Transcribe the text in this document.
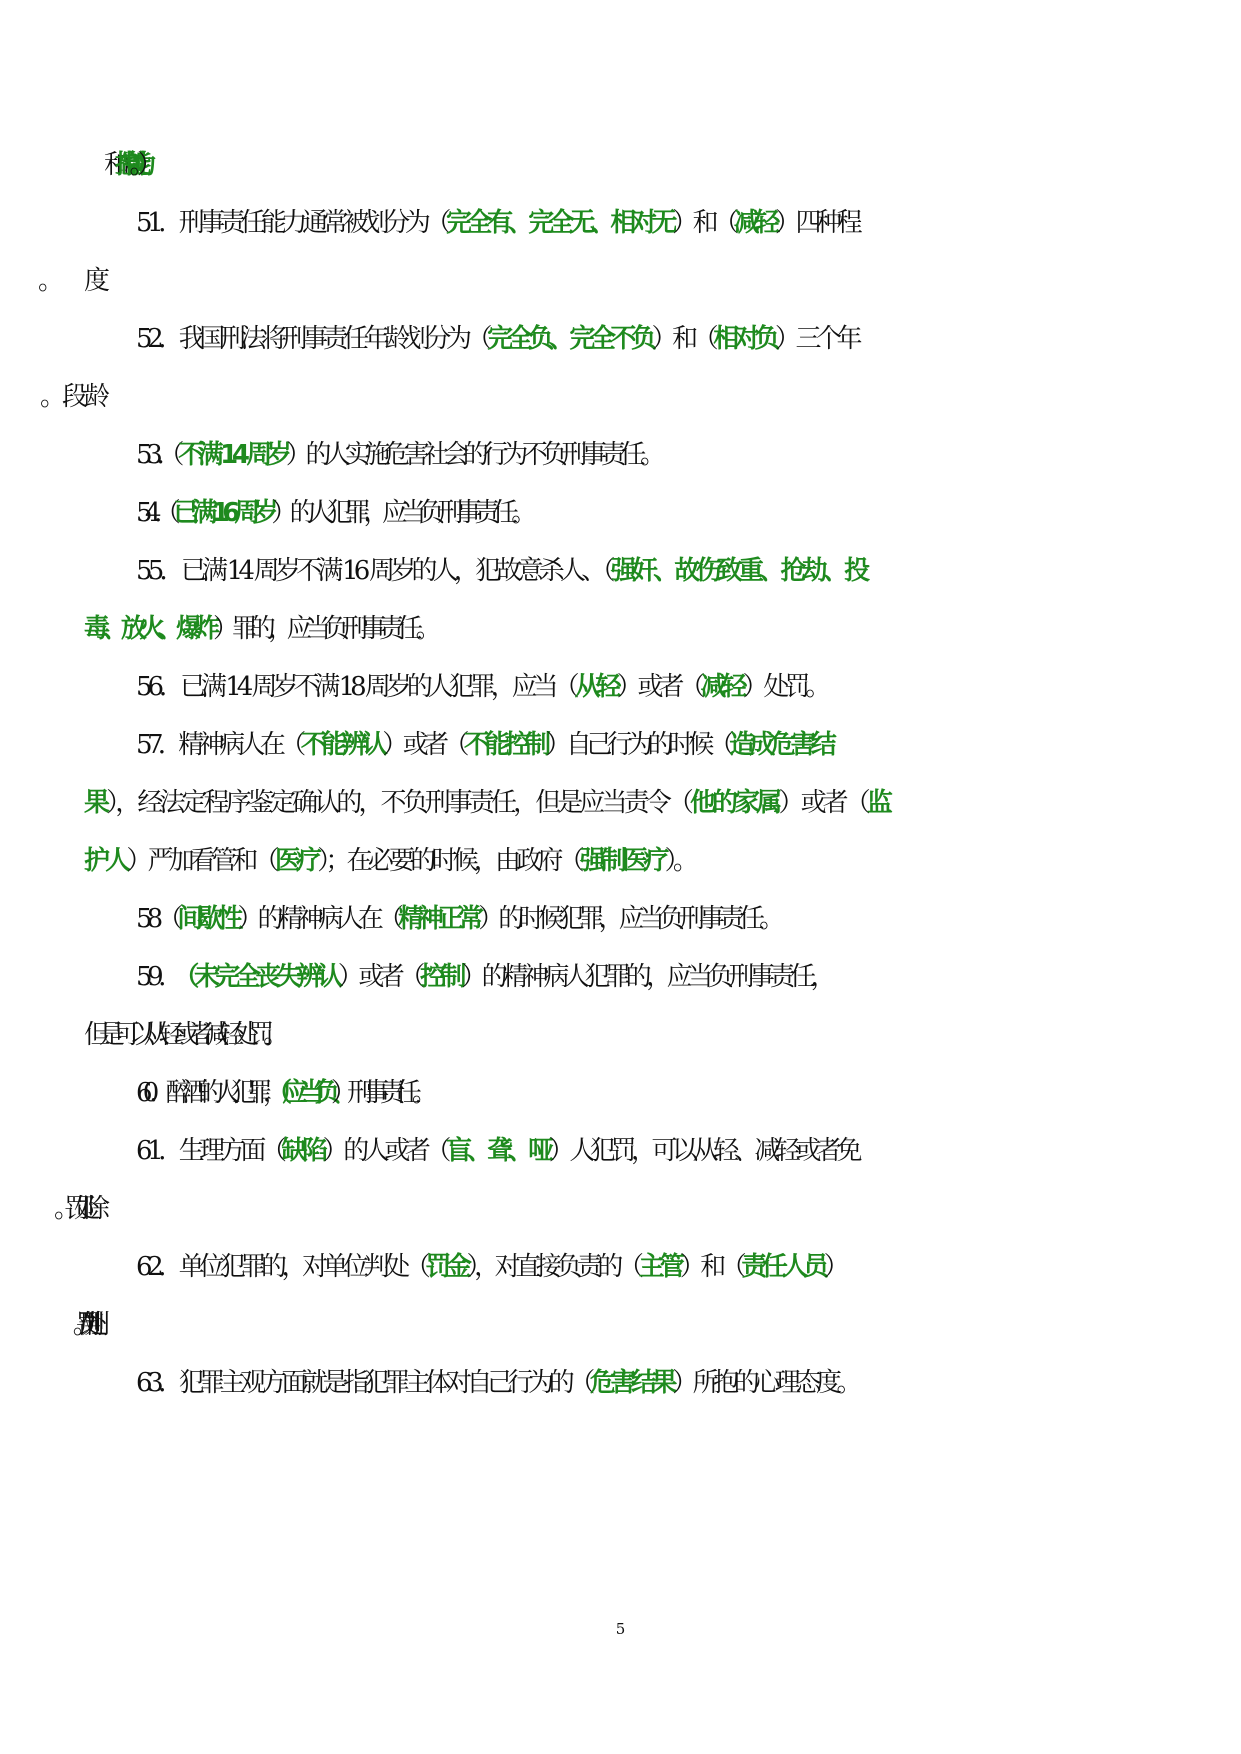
和（控制能力
51．刑事责任能力通常被划分为（完全有、完全无、相对无）和（减轻）四种程
52．我国刑法将刑事责任年龄划分为（完全负、完全不负）和（相对负）三个年
53.（不满 14 周岁）的人实施危害社会的行为不负刑事责任。
54.（已满 16 周岁）的人犯罪，应当负刑事责任。
55．已满 14 周岁不满 16 周岁的人，犯故意杀人、（强奸、故伤致重、抢劫、投
毒、放火、爆炸）罪的，应当负刑事责任。
56．已满 14 周岁不满 18 周岁的人犯罪，应当（从轻）或者（减轻）处罚。
57．精神病人在（不能辨认）或者（不能控制）自己行为的时候（造成危害结
果），经法定程序鉴定确认的，不负刑事责任，但是应当责令（他的家属）或者（监
护人）严加看管和（医疗）；在必要的时候，由政府（强制医疗）。
58（间歇性）的精神病人在（精神正常）的时候犯罪，应当负刑事责任。
59．　（未完全丧失辨认）或者（控制）的精神病人犯罪的，应当负刑事责任，
但是可以从轻或者减轻处罚。
60．醉酒的人犯罪，（应当负）刑事责任。
61．生理方面（缺陷）的人或者（盲、聋、哑）人犯罚，可以从轻、减轻或者免
62．单位犯罪的，对单位判处（罚金），对直接负责的（主管）和（责任人员）
63．犯罪主观方面就是指犯罪主体对自己行为的（危害结果）所抱的心理态度。
5
